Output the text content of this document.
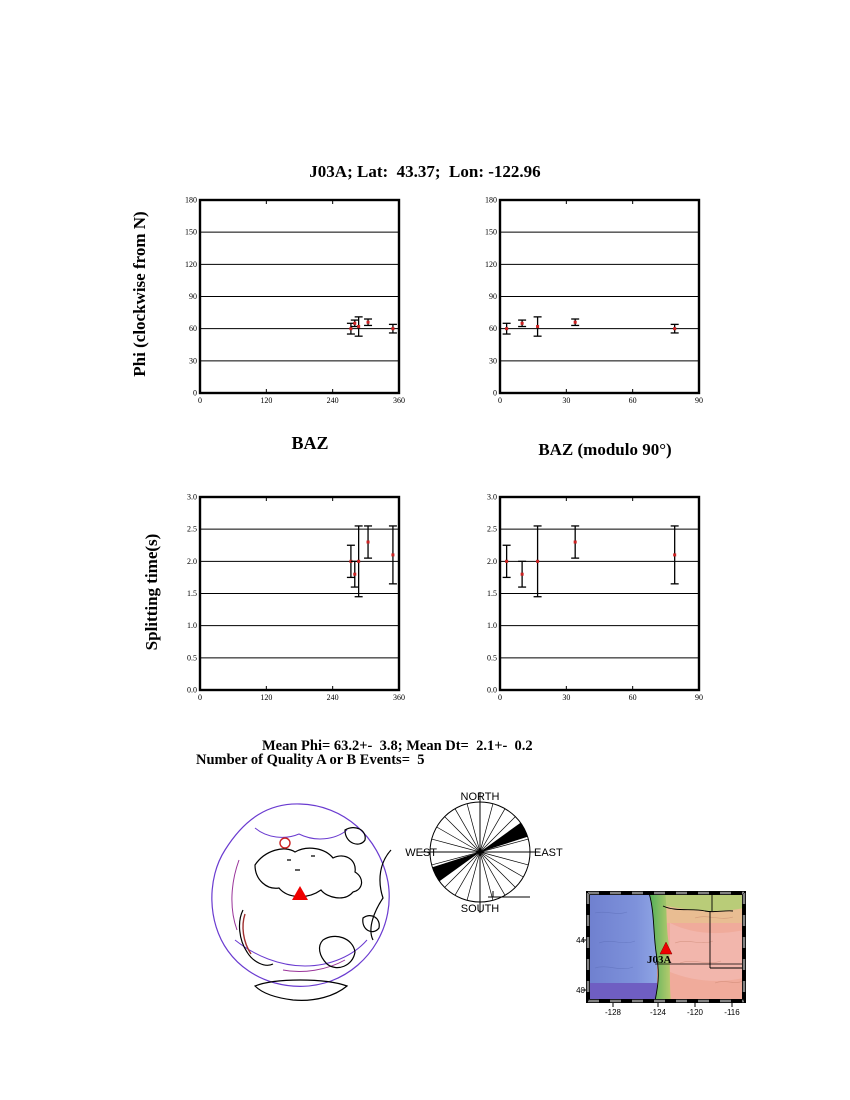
J03A; Lat:  43.37;  Lon: -122.96
Phi (clockwise from N)
Splitting time(s)
0
30
60
90
120
150
180
0	120	240	360
0
30
60
90
120
150
180
0	30	60	90
0.0
0.5
1.0
1.5
2.0
2.5
3.0
0	120	240	360
0.0
0.5
1.0
1.5
2.0
2.5
3.0
0	30	60	90
BAZ	BAZ (modulo 90°)
Mean Phi= 63.2+-  3.8; Mean Dt=  2.1+-  0.2
Number of Quality A or B Events=  5
NORTH
SOUTH
WEST	EAST
J03A
-128	-124	-120	-116
44
40
